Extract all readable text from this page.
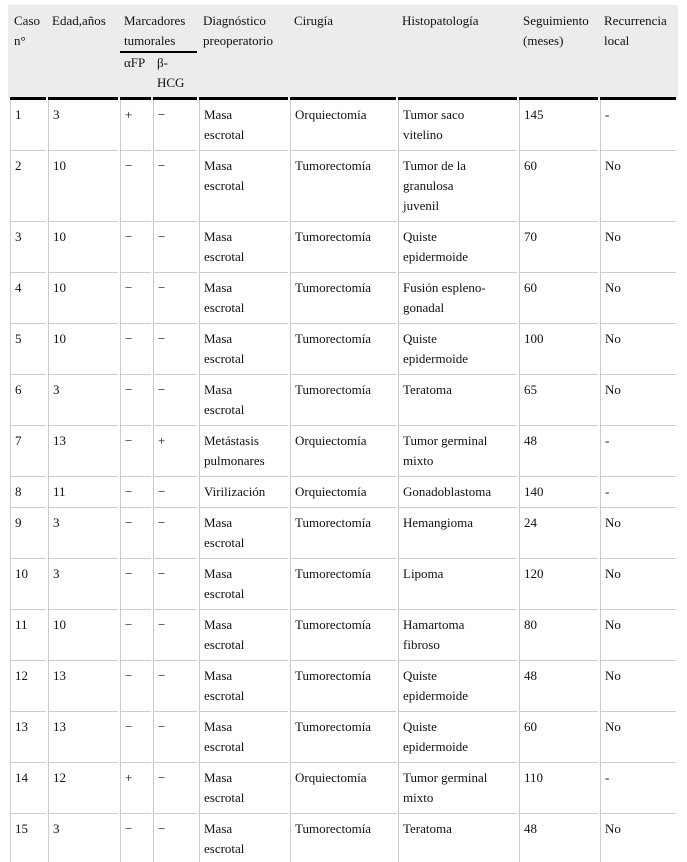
Caso n°	Edad,años	Marcadores tumorales		Diagnóstico preoperatorio	Cirugía	Histopatología	Seguimiento (meses)	Recurrencia local
		αFP	β-HCG					
1	3	+	−	Masa escrotal	Orquiectomía	Tumor saco vitelino	145	-
2	10	−	−	Masa escrotal	Tumorectomía	Tumor de la granulosa juvenil	60	No
3	10	−	−	Masa escrotal	Tumorectomía	Quiste epidermoide	70	No
4	10	−	−	Masa escrotal	Tumorectomía	Fusión espleno-gonadal	60	No
5	10	−	−	Masa escrotal	Tumorectomía	Quiste epidermoide	100	No
6	3	−	−	Masa escrotal	Tumorectomía	Teratoma	65	No
7	13	−	+	Metástasis pulmonares	Orquiectomía	Tumor germinal mixto	48	-
8	11	−	−	Virilización	Orquiectomía	Gonadoblastoma	140	-
9	3	−	−	Masa escrotal	Tumorectomía	Hemangioma	24	No
10	3	−	−	Masa escrotal	Tumorectomía	Lipoma	120	No
11	10	−	−	Masa escrotal	Tumorectomía	Hamartoma fibroso	80	No
12	13	−	−	Masa escrotal	Tumorectomía	Quiste epidermoide	48	No
13	13	−	−	Masa escrotal	Tumorectomía	Quiste epidermoide	60	No
14	12	+	−	Masa escrotal	Orquiectomía	Tumor germinal mixto	110	-
15	3	−	−	Masa escrotal	Tumorectomía	Teratoma	48	No
